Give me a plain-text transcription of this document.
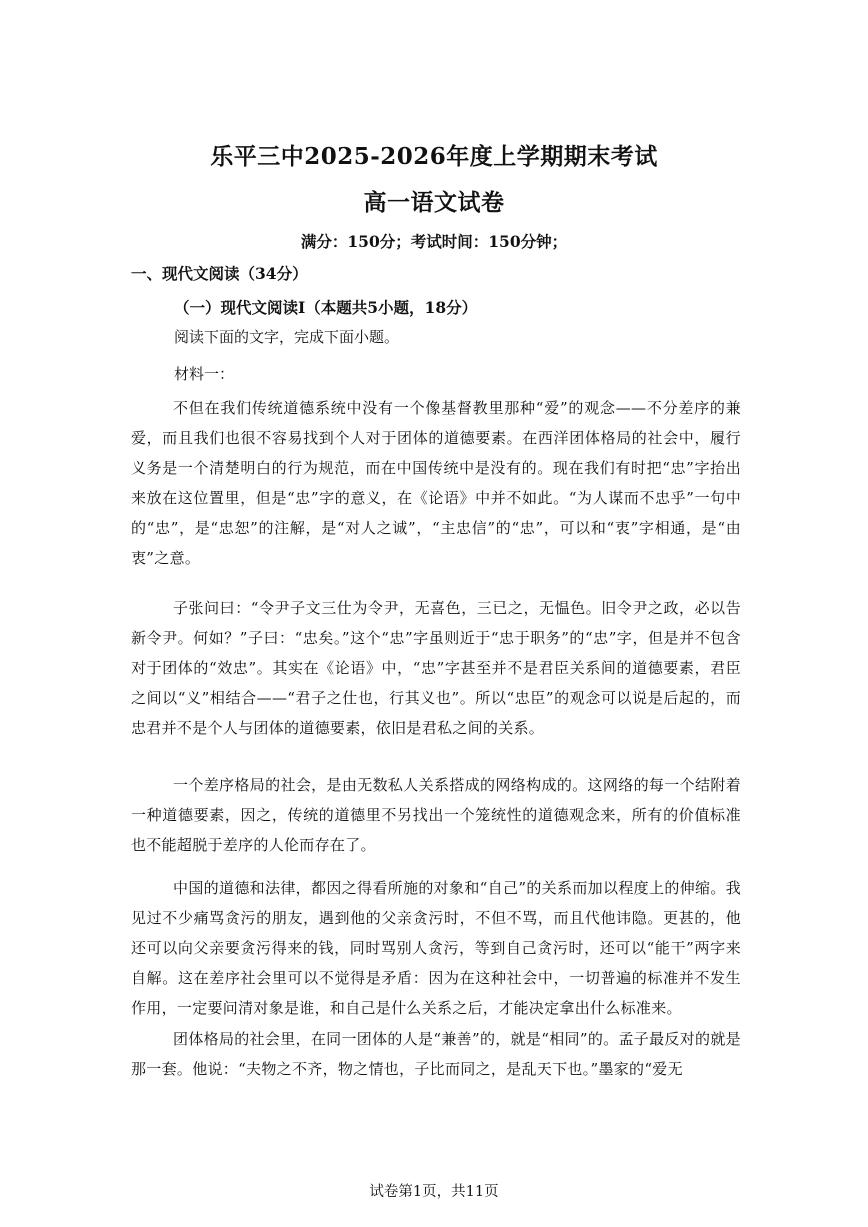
乐平三中2025-2026年度上学期期末考试
高一语文试卷
满分：150分；考试时间：150分钟；
一、现代文阅读（34分）
（一）现代文阅读I（本题共5小题，18分）
阅读下面的文字，完成下面小题。
材料一：
不但在我们传统道德系统中没有一个像基督教里那种“爱”的观念——不分差序的兼爱，而且我们也很不容易找到个人对于团体的道德要素。在西洋团体格局的社会中，履行义务是一个清楚明白的行为规范，而在中国传统中是没有的。现在我们有时把“忠”字抬出来放在这位置里，但是“忠”字的意义，在《论语》中并不如此。“为人谋而不忠乎”一句中的“忠”，是“忠恕”的注解，是“对人之诚”，“主忠信”的“忠”，可以和“衷”字相通，是“由衷”之意。
子张问曰：“令尹子文三仕为令尹，无喜色，三已之，无愠色。旧令尹之政，必以告新令尹。何如？”子曰：“忠矣。”这个“忠”字虽则近于“忠于职务”的“忠”字，但是并不包含对于团体的“效忠”。其实在《论语》中，“忠”字甚至并不是君臣关系间的道德要素，君臣之间以“义”相结合——“君子之仕也，行其义也”。所以“忠臣”的观念可以说是后起的，而忠君并不是个人与团体的道德要素，依旧是君私之间的关系。
一个差序格局的社会，是由无数私人关系搭成的网络构成的。这网络的每一个结附着一种道德要素，因之，传统的道德里不另找出一个笼统性的道德观念来，所有的价值标准也不能超脱于差序的人伦而存在了。
中国的道德和法律，都因之得看所施的对象和“自己”的关系而加以程度上的伸缩。我见过不少痛骂贪污的朋友，遇到他的父亲贪污时，不但不骂，而且代他讳隐。更甚的，他还可以向父亲要贪污得来的钱，同时骂别人贪污，等到自己贪污时，还可以“能干”两字来自解。这在差序社会里可以不觉得是矛盾：因为在这种社会中，一切普遍的标准并不发生作用，一定要问清对象是谁，和自己是什么关系之后，才能决定拿出什么标准来。
团体格局的社会里，在同一团体的人是“兼善”的，就是“相同”的。孟子最反对的就是那一套。他说：“夫物之不齐，物之情也，子比而同之，是乱天下也。”墨家的“爱无
试卷第1页，共11页
